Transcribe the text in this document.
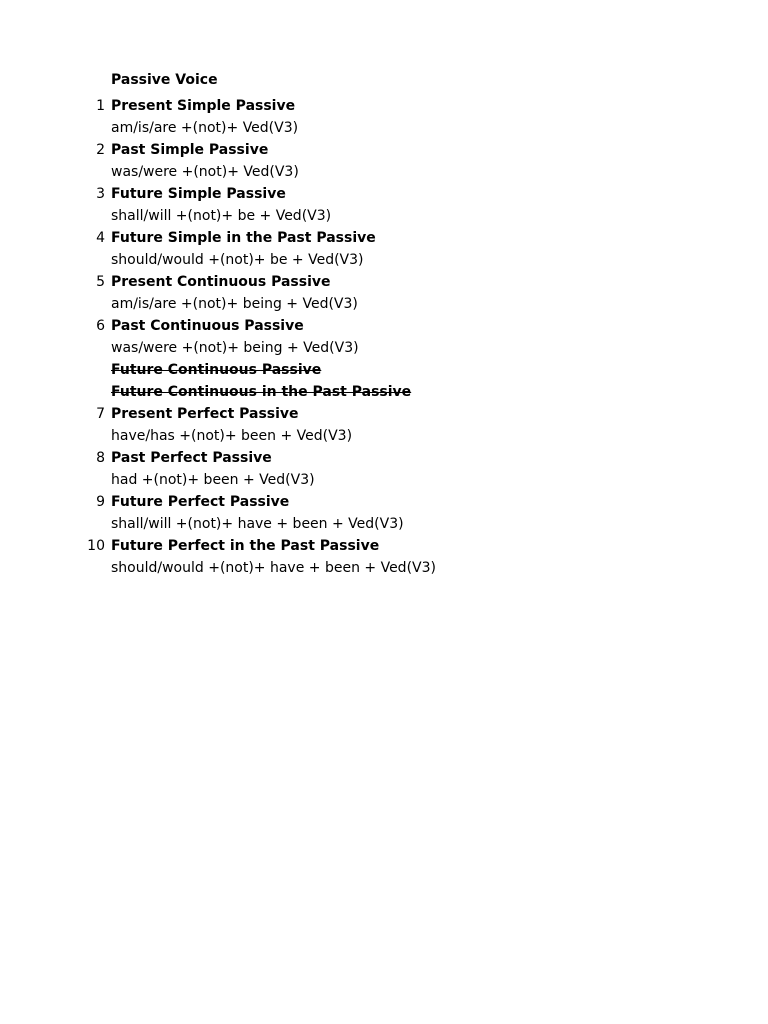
Passive Voice
1 Present Simple Passive
am/is/are +(not)+ Ved(V3)
2 Past Simple Passive
was/were +(not)+ Ved(V3)
3 Future Simple Passive
shall/will +(not)+ be + Ved(V3)
4 Future Simple in the Past Passive
should/would +(not)+ be + Ved(V3)
5 Present Continuous Passive
am/is/are +(not)+ being + Ved(V3)
6 Past Continuous Passive
was/were +(not)+ being + Ved(V3)
Future Continuous Passive
Future Continuous in the Past Passive
7 Present Perfect Passive
have/has +(not)+ been + Ved(V3)
8 Past Perfect Passive
had +(not)+ been + Ved(V3)
9 Future Perfect Passive
shall/will +(not)+ have + been + Ved(V3)
10 Future Perfect in the Past Passive
should/would +(not)+ have + been + Ved(V3)
